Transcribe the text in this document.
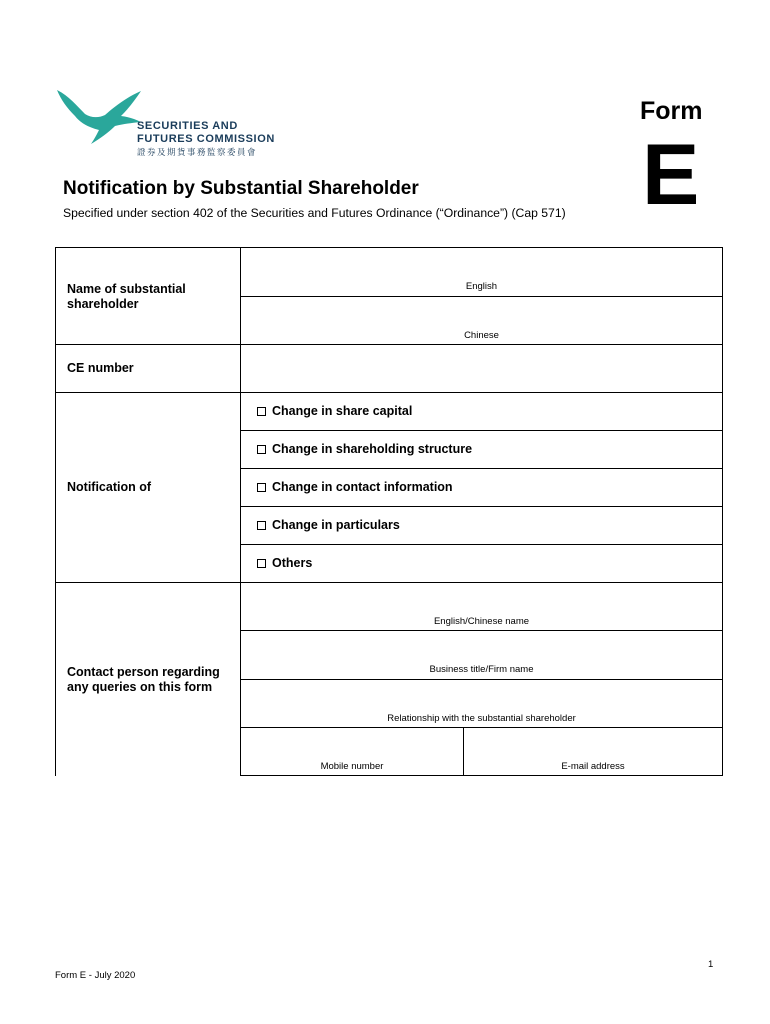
SECURITIES AND
FUTURES COMMISSION
證券及期貨事務監察委員會
Form
E
Notification by Substantial Shareholder
Specified under section 402 of the Securities and Futures Ordinance (“Ordinance”) (Cap 571)
Name of substantial shareholder
English
Chinese
CE number
Notification of
Change in share capital
Change in shareholding structure
Change in contact information
Change in particulars
Others
Contact person regarding any queries on this form
English/Chinese name
Business title/Firm name
Relationship with the substantial shareholder
Mobile number	E-mail address
Form E - July 2020
1
